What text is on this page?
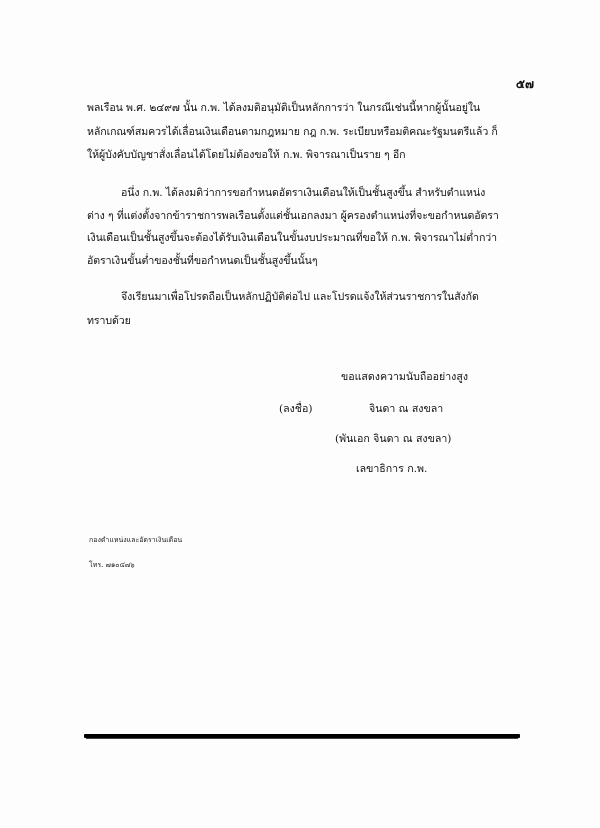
๕๗
พลเรือน พ.ศ. ๒๔๙๗ นั้น ก.พ. ได้ลงมติอนุมัติเป็นหลักการว่า ในกรณีเช่นนี้หากผู้นั้นอยู่ใน
หลักเกณฑ์สมควรได้เลื่อนเงินเดือนตามกฎหมาย กฎ ก.พ. ระเบียบหรือมติคณะรัฐมนตรีแล้ว ก็
ให้ผู้บังคับบัญชาสั่งเลื่อนได้โดยไม่ต้องขอให้ ก.พ. พิจารณาเป็นราย ๆ อีก
อนึ่ง ก.พ. ได้ลงมติว่าการขอกำหนดอัตราเงินเดือนให้เป็นชั้นสูงขึ้น สำหรับตำแหน่ง
ต่าง ๆ ที่แต่งตั้งจากข้าราชการพลเรือนตั้งแต่ชั้นเอกลงมา ผู้ครองตำแหน่งที่จะขอกำหนดอัตรา
เงินเดือนเป็นชั้นสูงขึ้นจะต้องได้รับเงินเดือนในขั้นงบประมาณที่ขอให้ ก.พ. พิจารณาไม่ต่ำกว่า
อัตราเงินขั้นต่ำของชั้นที่ขอกำหนดเป็นชั้นสูงขึ้นนั้นๆ
จึงเรียนมาเพื่อโปรดถือเป็นหลักปฏิบัติต่อไป และโปรดแจ้งให้ส่วนราชการในสังกัด
ทราบด้วย
ขอแสดงความนับถืออย่างสูง
(ลงชื่อ)	จินดา ณ สงขลา
(พันเอก จินดา ณ สงขลา)
เลขาธิการ ก.พ.
กองตำแหน่งและอัตราเงินเดือน
โทร. ๗๑๐๔๗๖
